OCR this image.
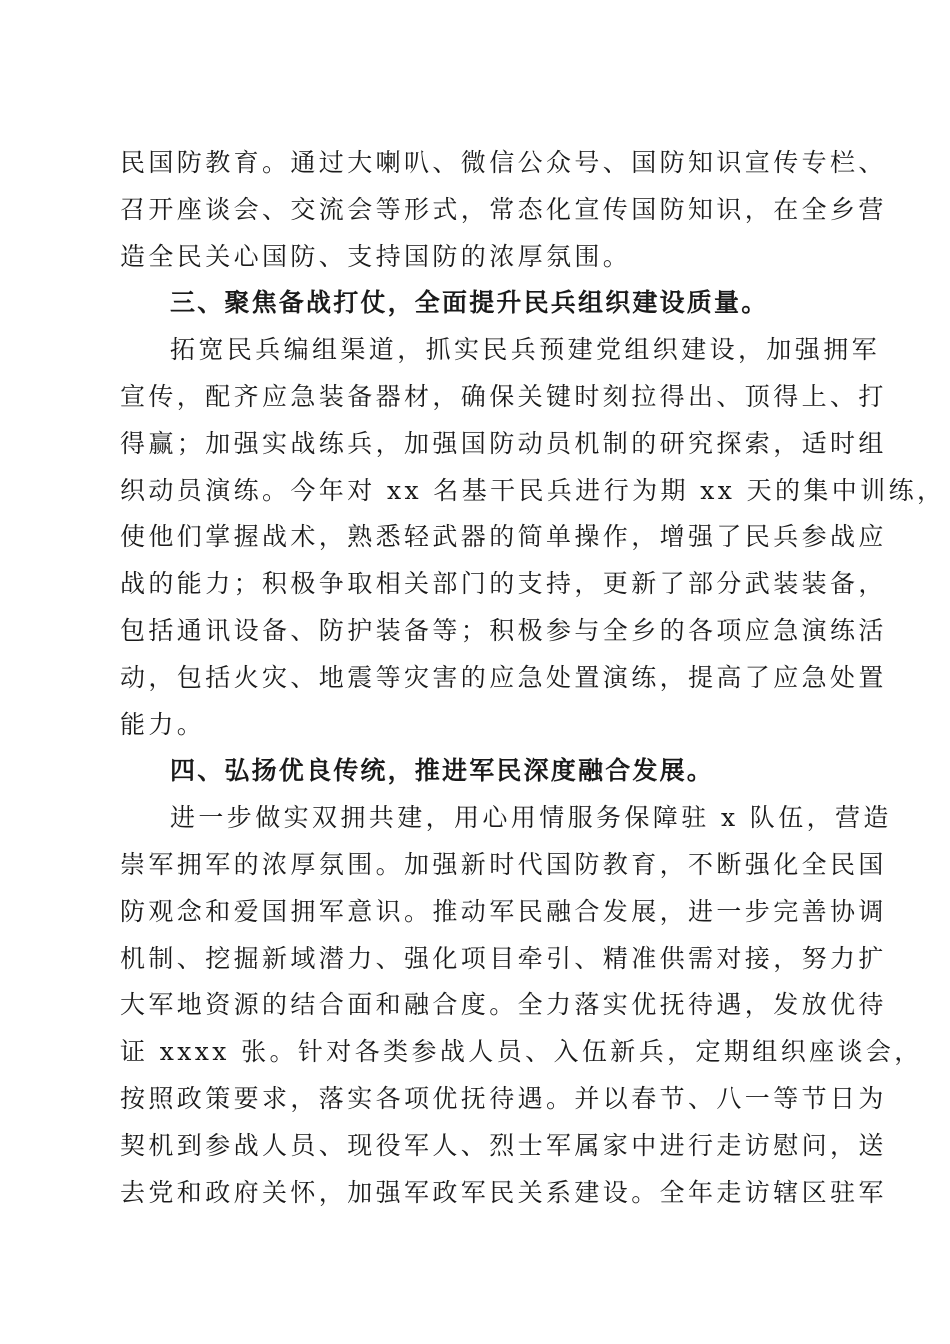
民国防教育。通过大喇叭、微信公众号、国防知识宣传专栏、
召开座谈会、交流会等形式，常态化宣传国防知识，在全乡营
造全民关心国防、支持国防的浓厚氛围。
三、聚焦备战打仗，全面提升民兵组织建设质量。
拓宽民兵编组渠道，抓实民兵预建党组织建设，加强拥军
宣传，配齐应急装备器材，确保关键时刻拉得出、顶得上、打
得赢；加强实战练兵，加强国防动员机制的研究探索，适时组
织动员演练。今年对 xx 名基干民兵进行为期 xx 天的集中训练，
使他们掌握战术，熟悉轻武器的简单操作，增强了民兵参战应
战的能力；积极争取相关部门的支持，更新了部分武装装备，
包括通讯设备、防护装备等；积极参与全乡的各项应急演练活
动，包括火灾、地震等灾害的应急处置演练，提高了应急处置
能力。
四、弘扬优良传统，推进军民深度融合发展。
进一步做实双拥共建，用心用情服务保障驻 x 队伍，营造
崇军拥军的浓厚氛围。加强新时代国防教育，不断强化全民国
防观念和爱国拥军意识。推动军民融合发展，进一步完善协调
机制、挖掘新域潜力、强化项目牵引、精准供需对接，努力扩
大军地资源的结合面和融合度。全力落实优抚待遇，发放优待
证 xxxx 张。针对各类参战人员、入伍新兵，定期组织座谈会，
按照政策要求，落实各项优抚待遇。并以春节、八一等节日为
契机到参战人员、现役军人、烈士军属家中进行走访慰问，送
去党和政府关怀，加强军政军民关系建设。全年走访辖区驻军
